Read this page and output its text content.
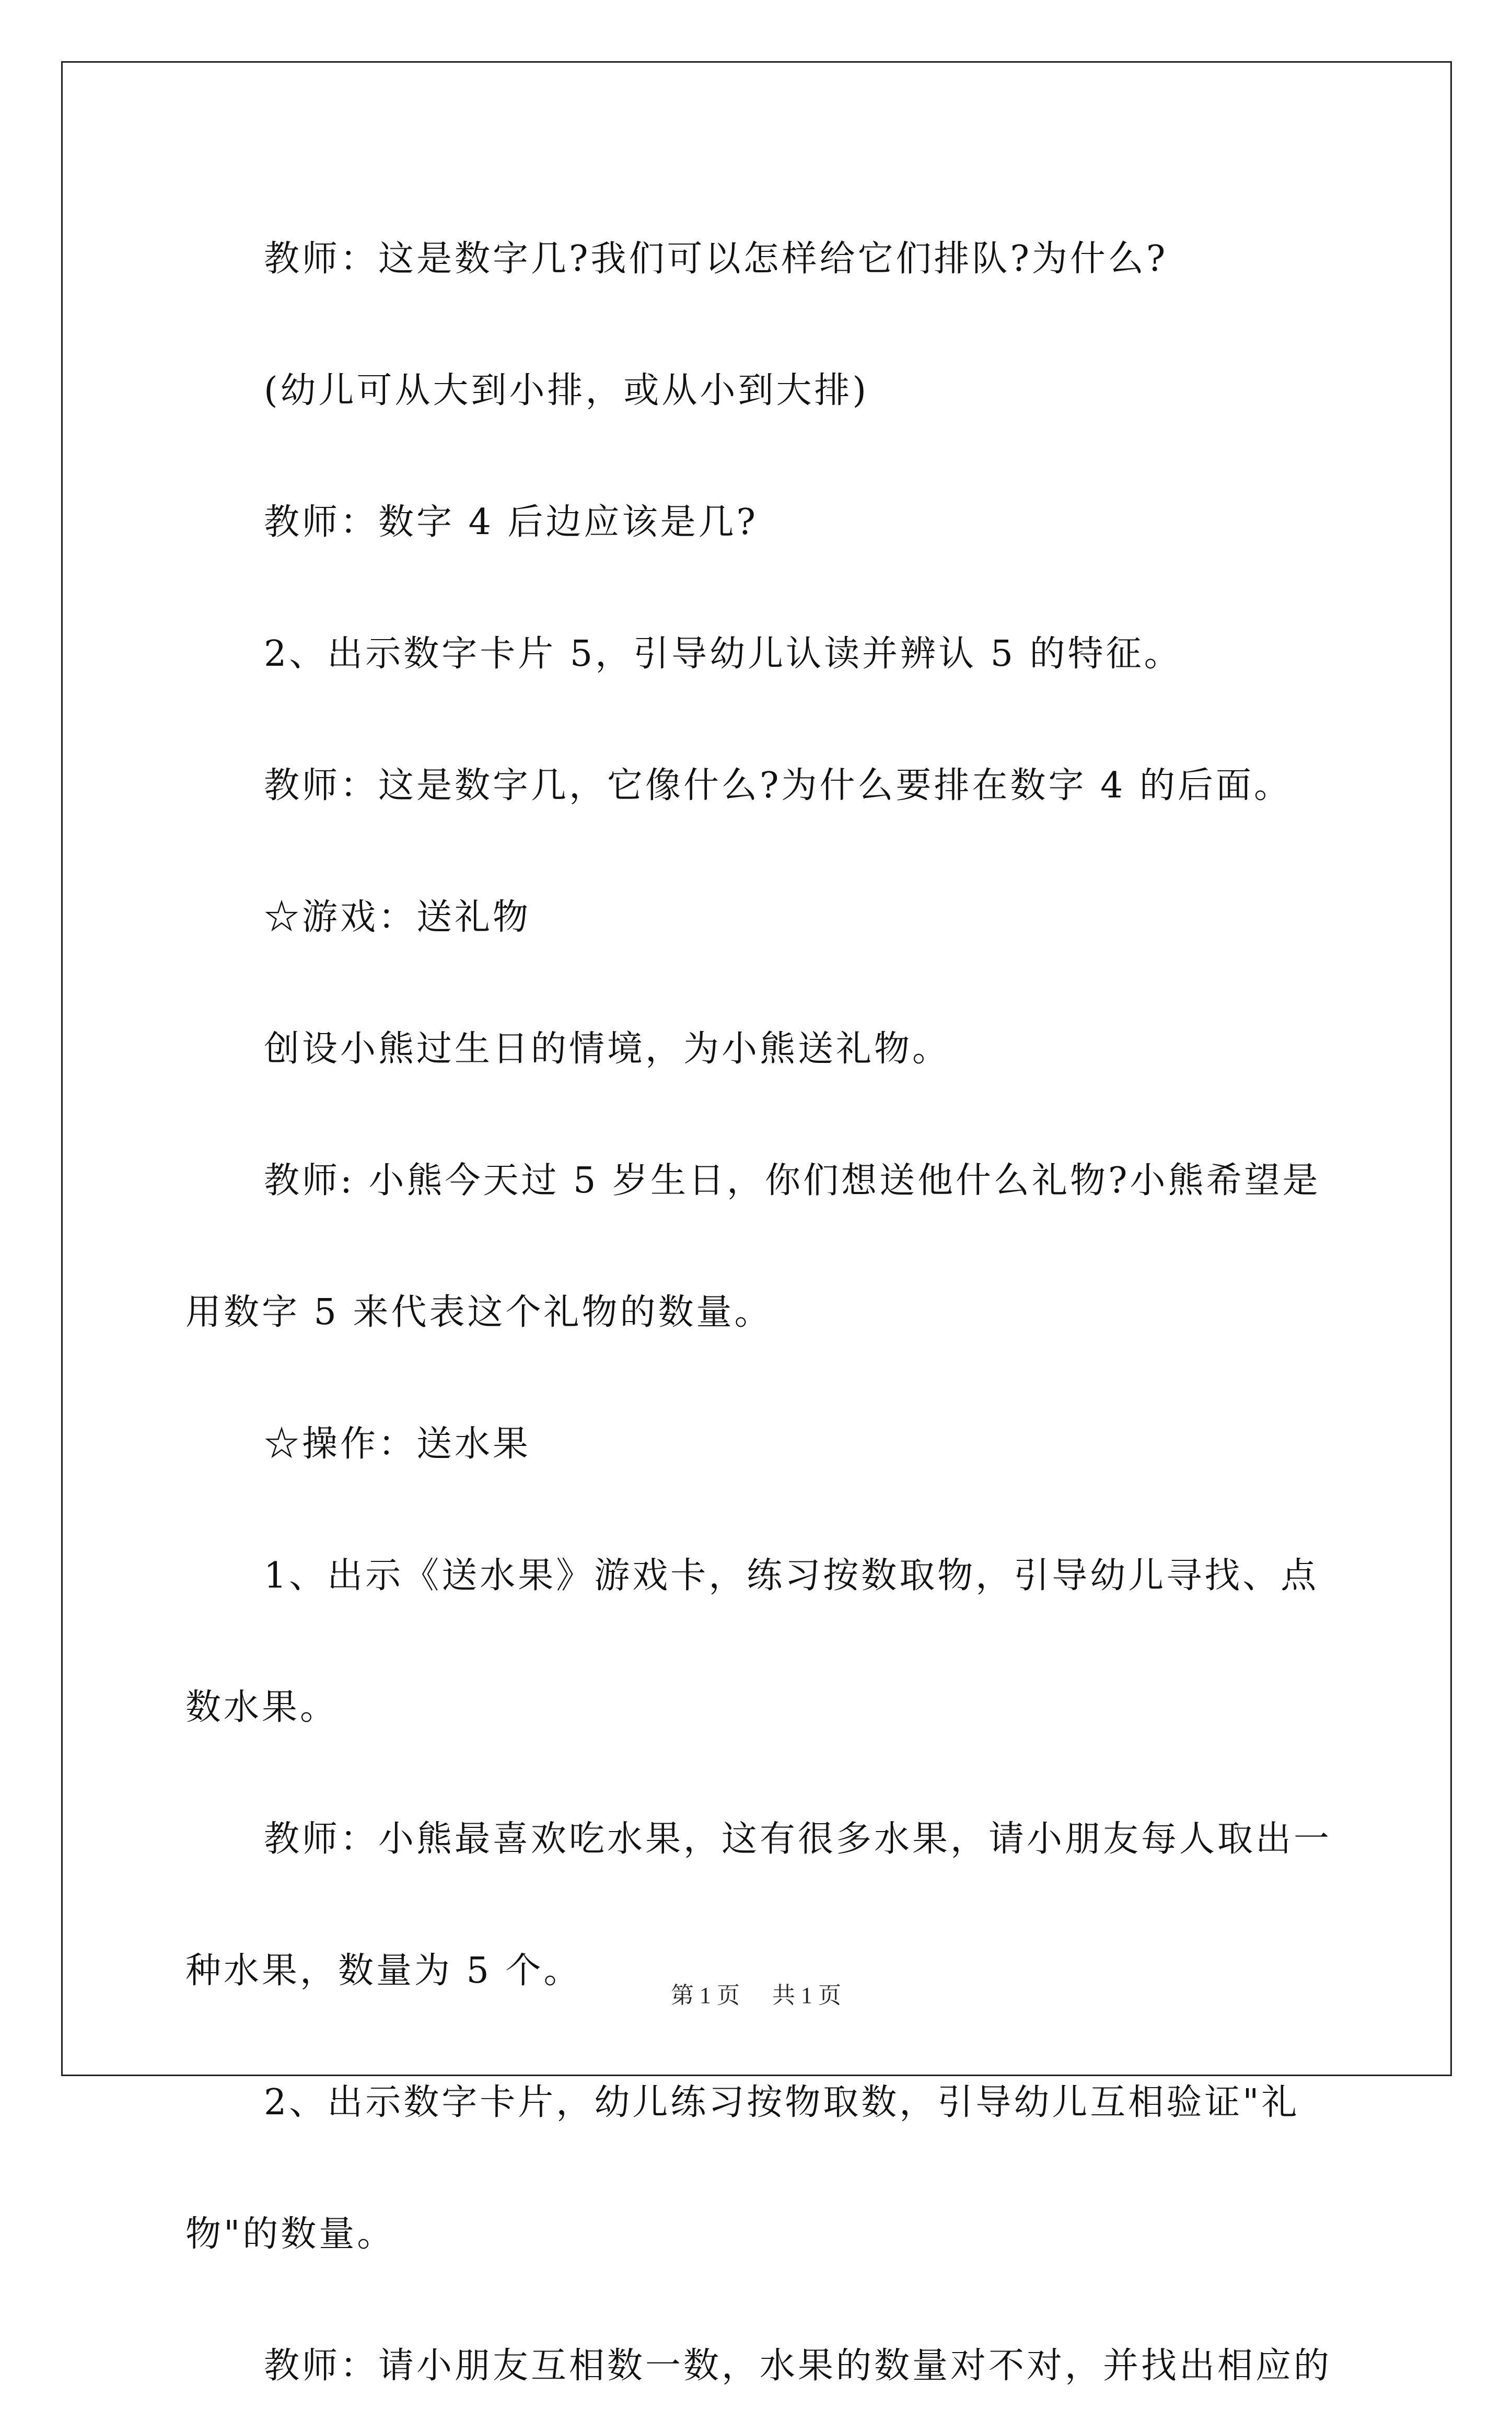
教师：这是数字几?我们可以怎样给它们排队?为什么?

(幼儿可从大到小排，或从小到大排)

教师：数字 4 后边应该是几?

2、出示数字卡片 5，引导幼儿认读并辨认 5 的特征。

教师：这是数字几，它像什么?为什么要排在数字 4 的后面。

☆游戏：送礼物

创设小熊过生日的情境，为小熊送礼物。

教师: 小熊今天过 5 岁生日，你们想送他什么礼物?小熊希望是用数字 5 来代表这个礼物的数量。

☆操作：送水果

1、出示《送水果》游戏卡，练习按数取物，引导幼儿寻找、点数水果。

教师：小熊最喜欢吃水果，这有很多水果，请小朋友每人取出一种水果，数量为 5 个。

2、出示数字卡片，幼儿练习按物取数，引导幼儿互相验证"礼物"的数量。

教师：请小朋友互相数一数，水果的数量对不对，并找出相应的

第 1 页 共 1 页
